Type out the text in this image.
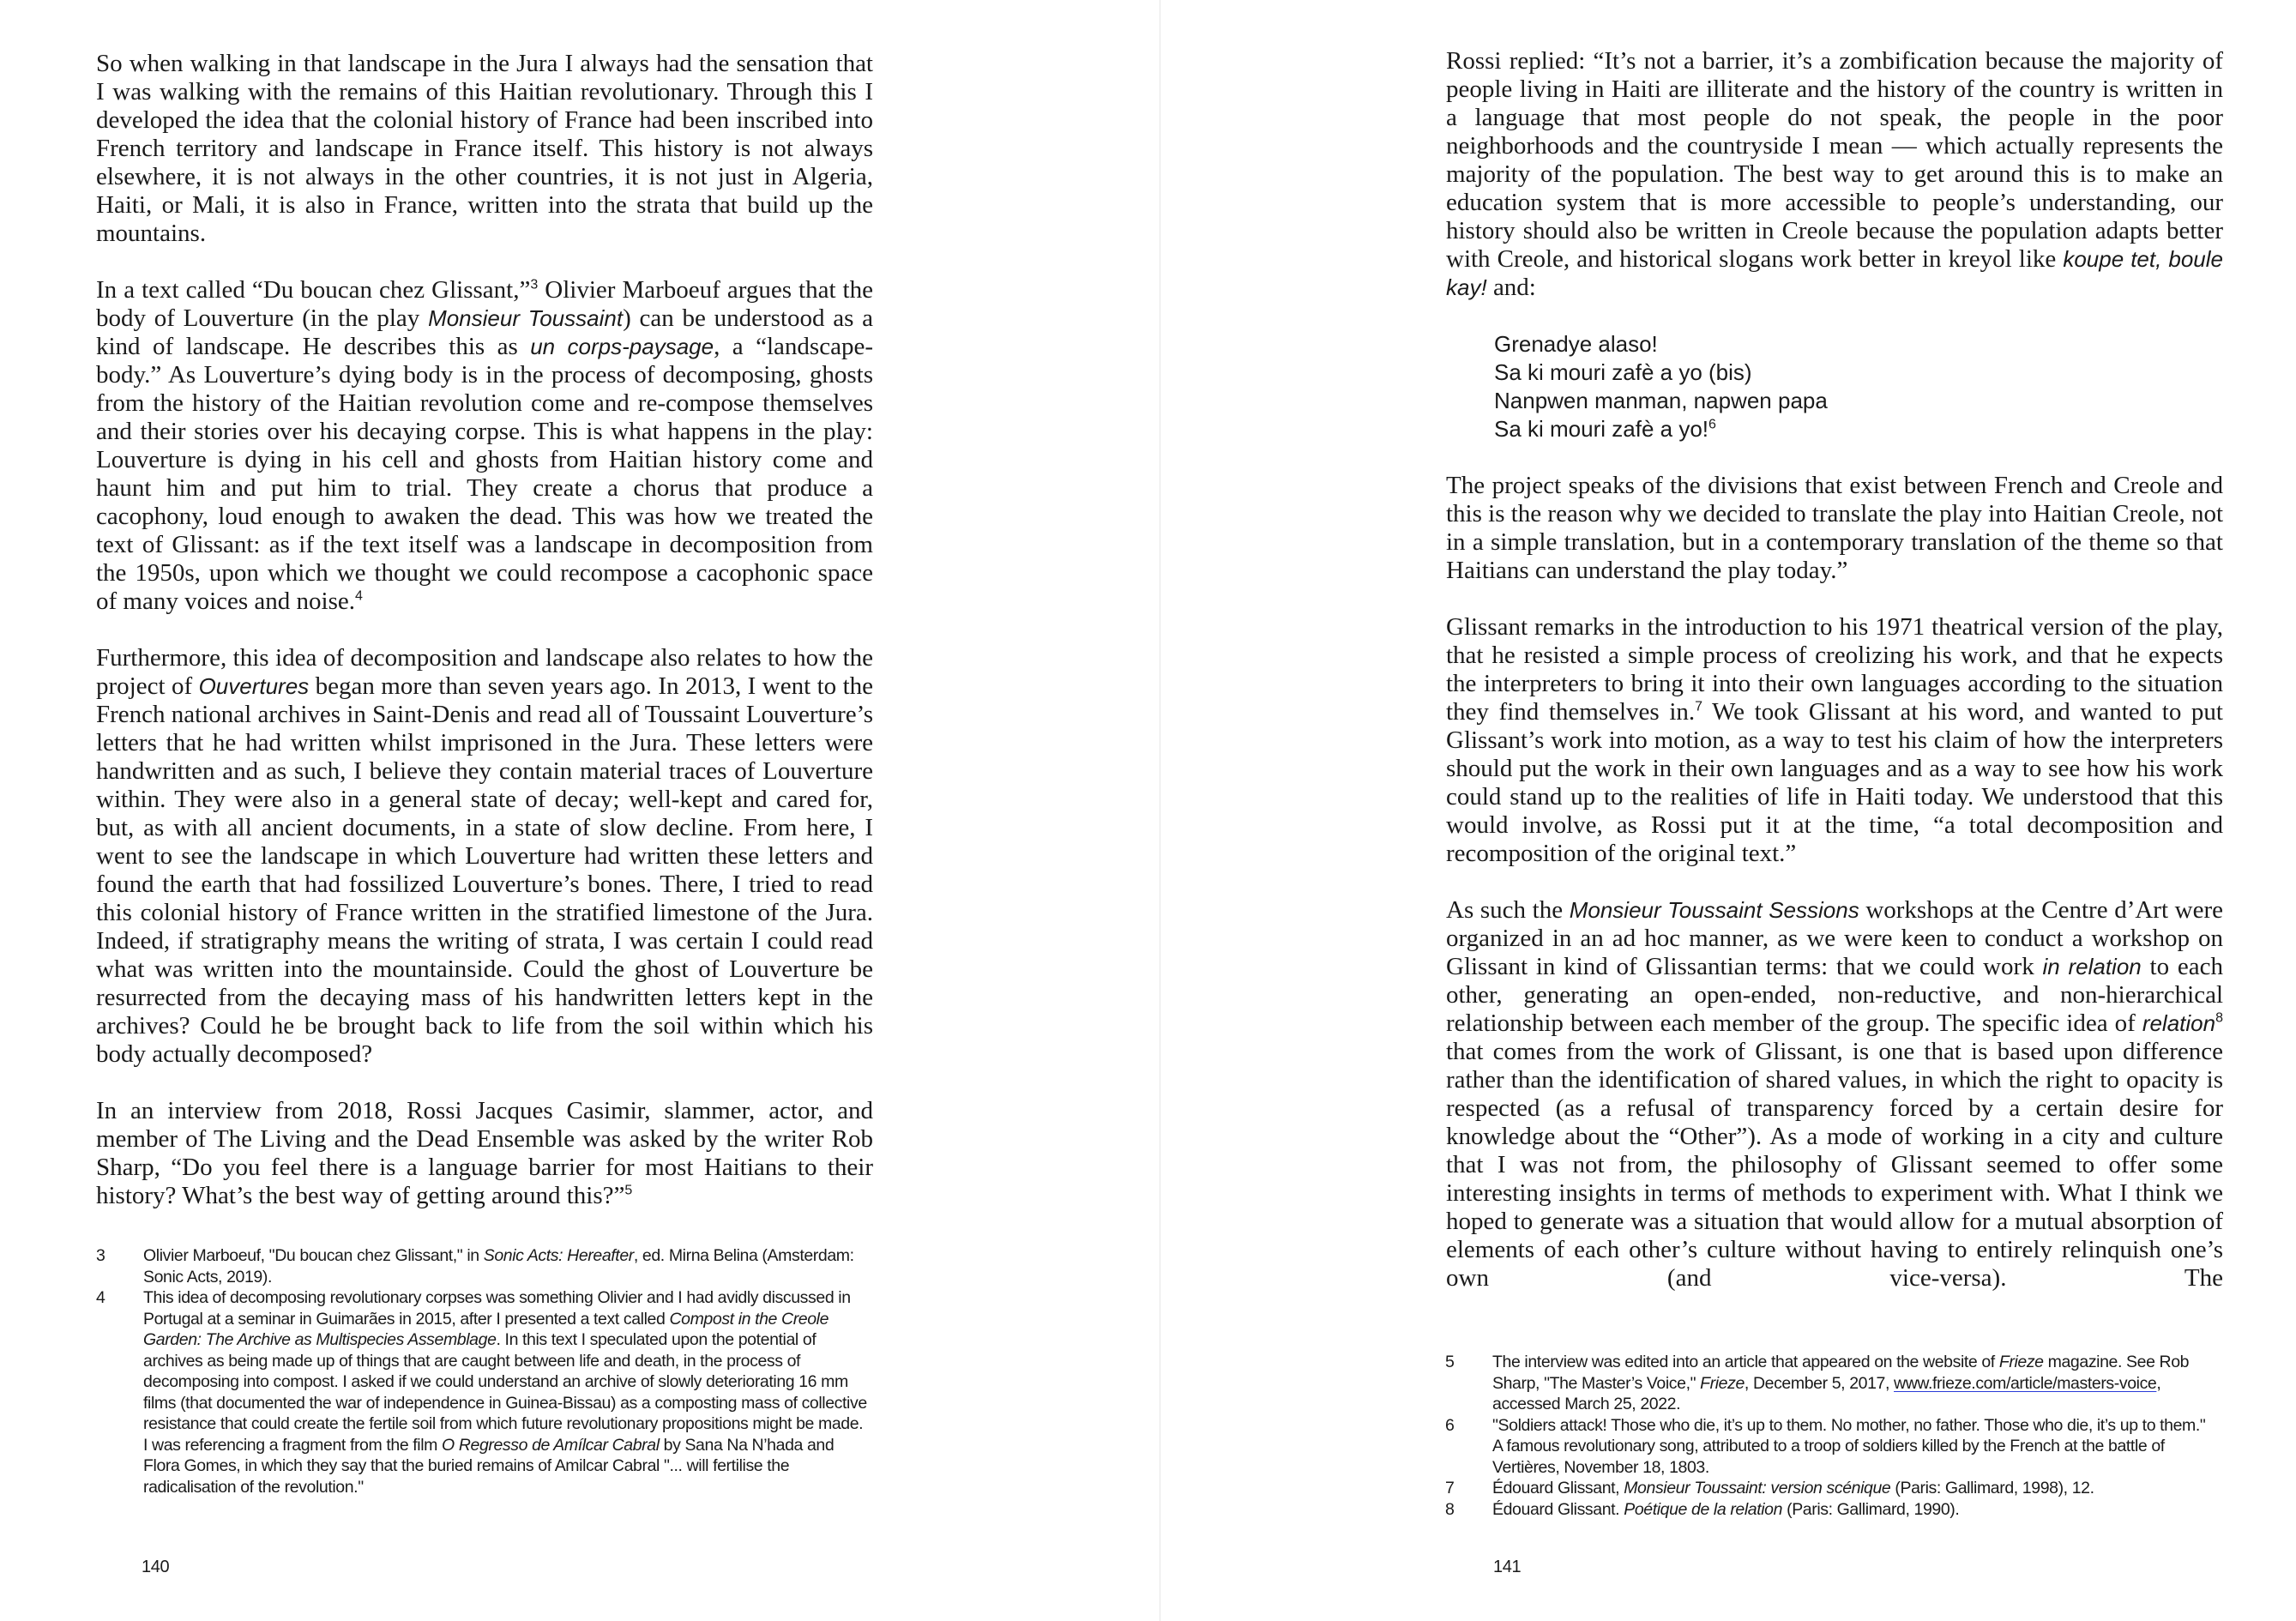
So when walking in that landscape in the Jura I always had the sensation that I was walking with the remains of this Haitian revolutionary. Through this I developed the idea that the colonial history of France had been inscribed into French territory and landscape in France itself. This history is not always elsewhere, it is not always in the other countries, it is not just in Algeria, Haiti, or Mali, it is also in France, written into the strata that build up the mountains.

In a text called “Du boucan chez Glissant,”$^3$ Olivier Marboeuf argues that the body of Louverture (in the play Monsieur Toussaint) can be understood as a kind of landscape. He describes this as un corps-paysage, a “landscape-body.” As Louverture’s dying body is in the process of decomposing, ghosts from the history of the Haitian revolution come and re-compose themselves and their stories over his decaying corpse. This is what happens in the play: Louverture is dying in his cell and ghosts from Haitian history come and haunt him and put him to trial. They create a chorus that produce a cacophony, loud enough to awaken the dead. This was how we treated the text of Glissant: as if the text itself was a landscape in decomposition from the 1950s, upon which we thought we could recompose a cacophonic space of many voices and noise.$^4$

Furthermore, this idea of decomposition and landscape also relates to how the project of Ouvertures began more than seven years ago. In 2013, I went to the French national archives in Saint-Denis and read all of Toussaint Louverture’s letters that he had written whilst imprisoned in the Jura. These letters were handwritten and as such, I believe they contain material traces of Louverture within. They were also in a general state of decay; well-kept and cared for, but, as with all ancient documents, in a state of slow decline. From here, I went to see the landscape in which Louverture had written these letters and found the earth that had fossilized Louverture’s bones. There, I tried to read this colonial history of France written in the stratified limestone of the Jura. Indeed, if stratigraphy means the writing of strata, I was certain I could read what was written into the mountainside. Could the ghost of Louverture be resurrected from the decaying mass of his handwritten letters kept in the archives? Could he be brought back to life from the soil within which his body actually decomposed?

In an interview from 2018, Rossi Jacques Casimir, slammer, actor, and member of The Living and the Dead Ensemble was asked by the writer Rob Sharp, “Do you feel there is a language barrier for most Haitians to their history? What’s the best way of getting around this?”$^5$

3	Olivier Marboeuf, "Du boucan chez Glissant," in Sonic Acts: Hereafter, ed. Mirna Belina (Amsterdam: Sonic Acts, 2019).
4	This idea of decomposing revolutionary corpses was something Olivier and I had avidly discussed in Portugal at a seminar in Guimarães in 2015, after I presented a text called Compost in the Creole Garden: The Archive as Multispecies Assemblage. In this text I speculated upon the potential of archives as being made up of things that are caught between life and death, in the process of decomposing into compost. I asked if we could understand an archive of slowly deteriorating 16 mm films (that documented the war of independence in Guinea-Bissau) as a composting mass of collective resistance that could create the fertile soil from which future revolutionary propositions might be made. I was referencing a fragment from the film O Regresso de Amílcar Cabral by Sana Na N’hada and Flora Gomes, in which they say that the buried remains of Amilcar Cabral "... will fertilise the radicalisation of the revolution."
140

Rossi replied: “It’s not a barrier, it’s a zombification because the majority of people living in Haiti are illiterate and the history of the country is written in a language that most people do not speak, the people in the poor neighborhoods and the countryside I mean — which actually represents the majority of the population. The best way to get around this is to make an education system that is more accessible to people’s understanding, our history should also be written in Creole because the population adapts better with Creole, and historical slogans work better in kreyol like koupe tet, boule kay! and:

Grenadye alaso!
Sa ki mouri zafè a yo (bis)
Nanpwen manman, napwen papa
Sa ki mouri zafè a yo!$^6$

The project speaks of the divisions that exist between French and Creole and this is the reason why we decided to translate the play into Haitian Creole, not in a simple translation, but in a contemporary translation of the theme so that Haitians can understand the play today.”

Glissant remarks in the introduction to his 1971 theatrical version of the play, that he resisted a simple process of creolizing his work, and that he expects the interpreters to bring it into their own languages according to the situation they find themselves in.$^7$ We took Glissant at his word, and wanted to put Glissant’s work into motion, as a way to test his claim of how the interpreters should put the work in their own languages and as a way to see how his work could stand up to the realities of life in Haiti today. We understood that this would involve, as Rossi put it at the time, “a total decomposition and recomposition of the original text.”

As such the Monsieur Toussaint Sessions workshops at the Centre d’Art were organized in an ad hoc manner, as we were keen to conduct a workshop on Glissant in kind of Glissantian terms: that we could work in relation to each other, generating an open-ended, non-reductive, and non-hierarchical relationship between each member of the group. The specific idea of relation$^8$ that comes from the work of Glissant, is one that is based upon difference rather than the identification of shared values, in which the right to opacity is respected (as a refusal of transparency forced by a certain desire for knowledge about the “Other”). As a mode of working in a city and culture that I was not from, the philosophy of Glissant seemed to offer some interesting insights in terms of methods to experiment with. What I think we hoped to generate was a situation that would allow for a mutual absorption of elements of each other’s culture without having to entirely relinquish one’s own (and vice-versa). The

5	The interview was edited into an article that appeared on the website of Frieze magazine. See Rob Sharp, "The Master’s Voice," Frieze, December 5, 2017, www.frieze.com/article/masters-voice, accessed March 25, 2022.
6	"Soldiers attack! Those who die, it’s up to them. No mother, no father. Those who die, it’s up to them." A famous revolutionary song, attributed to a troop of soldiers killed by the French at the battle of Vertières, November 18, 1803.
7	Édouard Glissant, Monsieur Toussaint: version scénique (Paris: Gallimard, 1998), 12.
8	Édouard Glissant. Poétique de la relation (Paris: Gallimard, 1990).
141
